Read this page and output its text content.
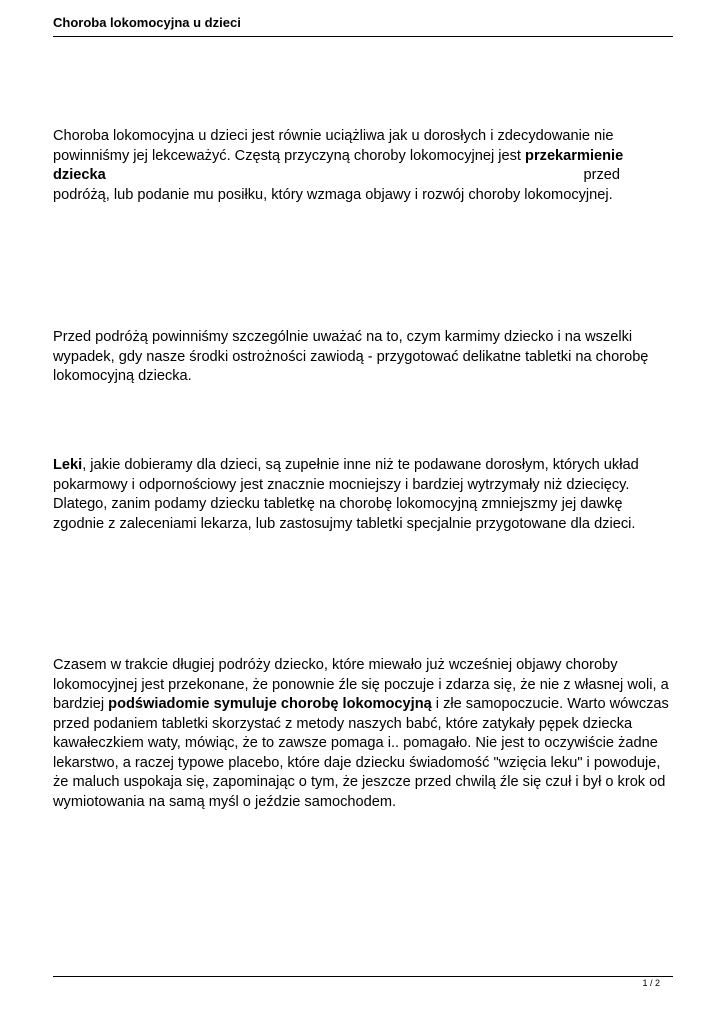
Choroba lokomocyjna u dzieci
Choroba lokomocyjna u dzieci jest równie uciążliwa jak u dorosłych i zdecydowanie nie
powinniśmy jej lekceważyć. Częstą przyczyną choroby lokomocyjnej jest przekarmienie
dziecka	przed
podróżą, lub podanie mu posiłku, który wzmaga objawy i rozwój choroby lokomocyjnej.
Przed podróżą powinniśmy szczególnie uważać na to, czym karmimy dziecko i na wszelki
wypadek, gdy nasze środki ostrożności zawiodą - przygotować delikatne tabletki na chorobę
lokomocyjną dziecka.
Leki, jakie dobieramy dla dzieci, są zupełnie inne niż te podawane dorosłym, których układ
pokarmowy i odpornościowy jest znacznie mocniejszy i bardziej wytrzymały niż dziecięcy.
Dlatego, zanim podamy dziecku tabletkę na chorobę lokomocyjną zmniejszmy jej dawkę
zgodnie z zaleceniami lekarza, lub zastosujmy tabletki specjalnie przygotowane dla dzieci.
Czasem w trakcie długiej podróży dziecko, które miewało już wcześniej objawy choroby
lokomocyjnej jest przekonane, że ponownie źle się poczuje i zdarza się, że nie z własnej woli, a
bardziej podświadomie symuluje chorobę lokomocyjną i złe samopoczucie. Warto wówczas
przed podaniem tabletki skorzystać z metody naszych babć, które zatykały pępek dziecka
kawałeczkiem waty, mówiąc, że to zawsze pomaga i.. pomagało. Nie jest to oczywiście żadne
lekarstwo, a raczej typowe placebo, które daje dziecku świadomość "wzięcia leku" i powoduje,
że maluch uspokaja się, zapominając o tym, że jeszcze przed chwilą źle się czuł i był o krok od
wymiotowania na samą myśl o jeździe samochodem.
1 / 2
